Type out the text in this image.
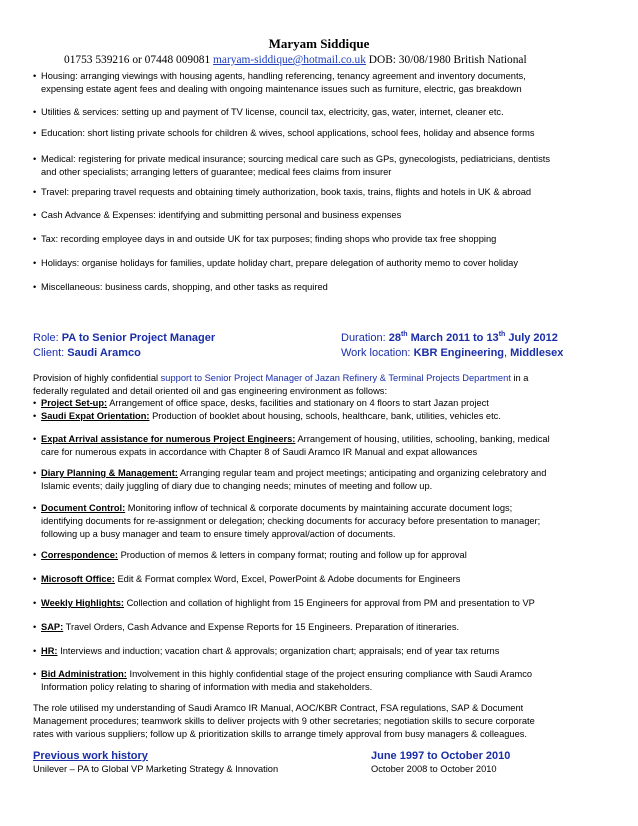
Maryam Siddique
01753 539216 or 07448 009081 maryam-siddique@hotmail.co.uk DOB: 30/08/1980 British National
• Housing: arranging viewings with housing agents, handling referencing, tenancy agreement and inventory documents,
expensing estate agent fees and dealing with ongoing maintenance issues such as furniture, electric, gas breakdown
• Utilities & services: setting up and payment of TV license, council tax, electricity, gas, water, internet, cleaner etc.
• Education: short listing private schools for children & wives, school applications, school fees, holiday and absence forms
• Medical: registering for private medical insurance; sourcing medical care such as GPs, gynecologists, pediatricians, dentists
and other specialists; arranging letters of guarantee; medical fees claims from insurer
• Travel: preparing travel requests and obtaining timely authorization, book taxis, trains, flights and hotels in UK & abroad
• Cash Advance & Expenses: identifying and submitting personal and business expenses
• Tax: recording employee days in and outside UK for tax purposes; finding shops who provide tax free shopping
• Holidays: organise holidays for families, update holiday chart, prepare delegation of authority memo to cover holiday
• Miscellaneous: business cards, shopping, and other tasks as required
Role: PA to Senior Project Manager	Duration: 28th March 2011 to 13th July 2012
Client: Saudi Aramco	Work location: KBR Engineering, Middlesex
Provision of highly confidential support to Senior Project Manager of Jazan Refinery & Terminal Projects Department in a
federally regulated and detail oriented oil and gas engineering environment as follows:
• Project Set-up: Arrangement of office space, desks, facilities and stationary on 4 floors to start Jazan project
• Saudi Expat Orientation: Production of booklet about housing, schools, healthcare, bank, utilities, vehicles etc.
• Expat Arrival assistance for numerous Project Engineers: Arrangement of housing, utilities, schooling, banking, medical
care for numerous expats in accordance with Chapter 8 of Saudi Aramco IR Manual and expat allowances
• Diary Planning & Management: Arranging regular team and project meetings; anticipating and organizing celebratory and
Islamic events; daily juggling of diary due to changing needs; minutes of meeting and follow up.
• Document Control: Monitoring inflow of technical & corporate documents by maintaining accurate document logs;
identifying documents for re-assignment or delegation; checking documents for accuracy before presentation to manager;
following up a busy manager and team to ensure timely approval/action of documents.
• Correspondence: Production of memos & letters in company format; routing and follow up for approval
• Microsoft Office: Edit & Format complex Word, Excel, PowerPoint & Adobe documents for Engineers
• Weekly Highlights: Collection and collation of highlight from 15 Engineers for approval from PM and presentation to VP
• SAP: Travel Orders, Cash Advance and Expense Reports for 15 Engineers. Preparation of itineraries.
• HR: Interviews and induction; vacation chart & approvals; organization chart; appraisals; end of year tax returns
• Bid Administration: Involvement in this highly confidential stage of the project ensuring compliance with Saudi Aramco
Information policy relating to sharing of information with media and stakeholders.
The role utilised my understanding of Saudi Aramco IR Manual, AOC/KBR Contract, FSA regulations, SAP & Document
Management procedures; teamwork skills to deliver projects with 9 other secretaries; negotiation skills to secure corporate
rates with various suppliers; follow up & prioritization skills to arrange timely approval from busy managers & colleagues.
Previous work history	June 1997 to October 2010
Unilever – PA to Global VP Marketing Strategy & Innovation	October 2008 to October 2010
